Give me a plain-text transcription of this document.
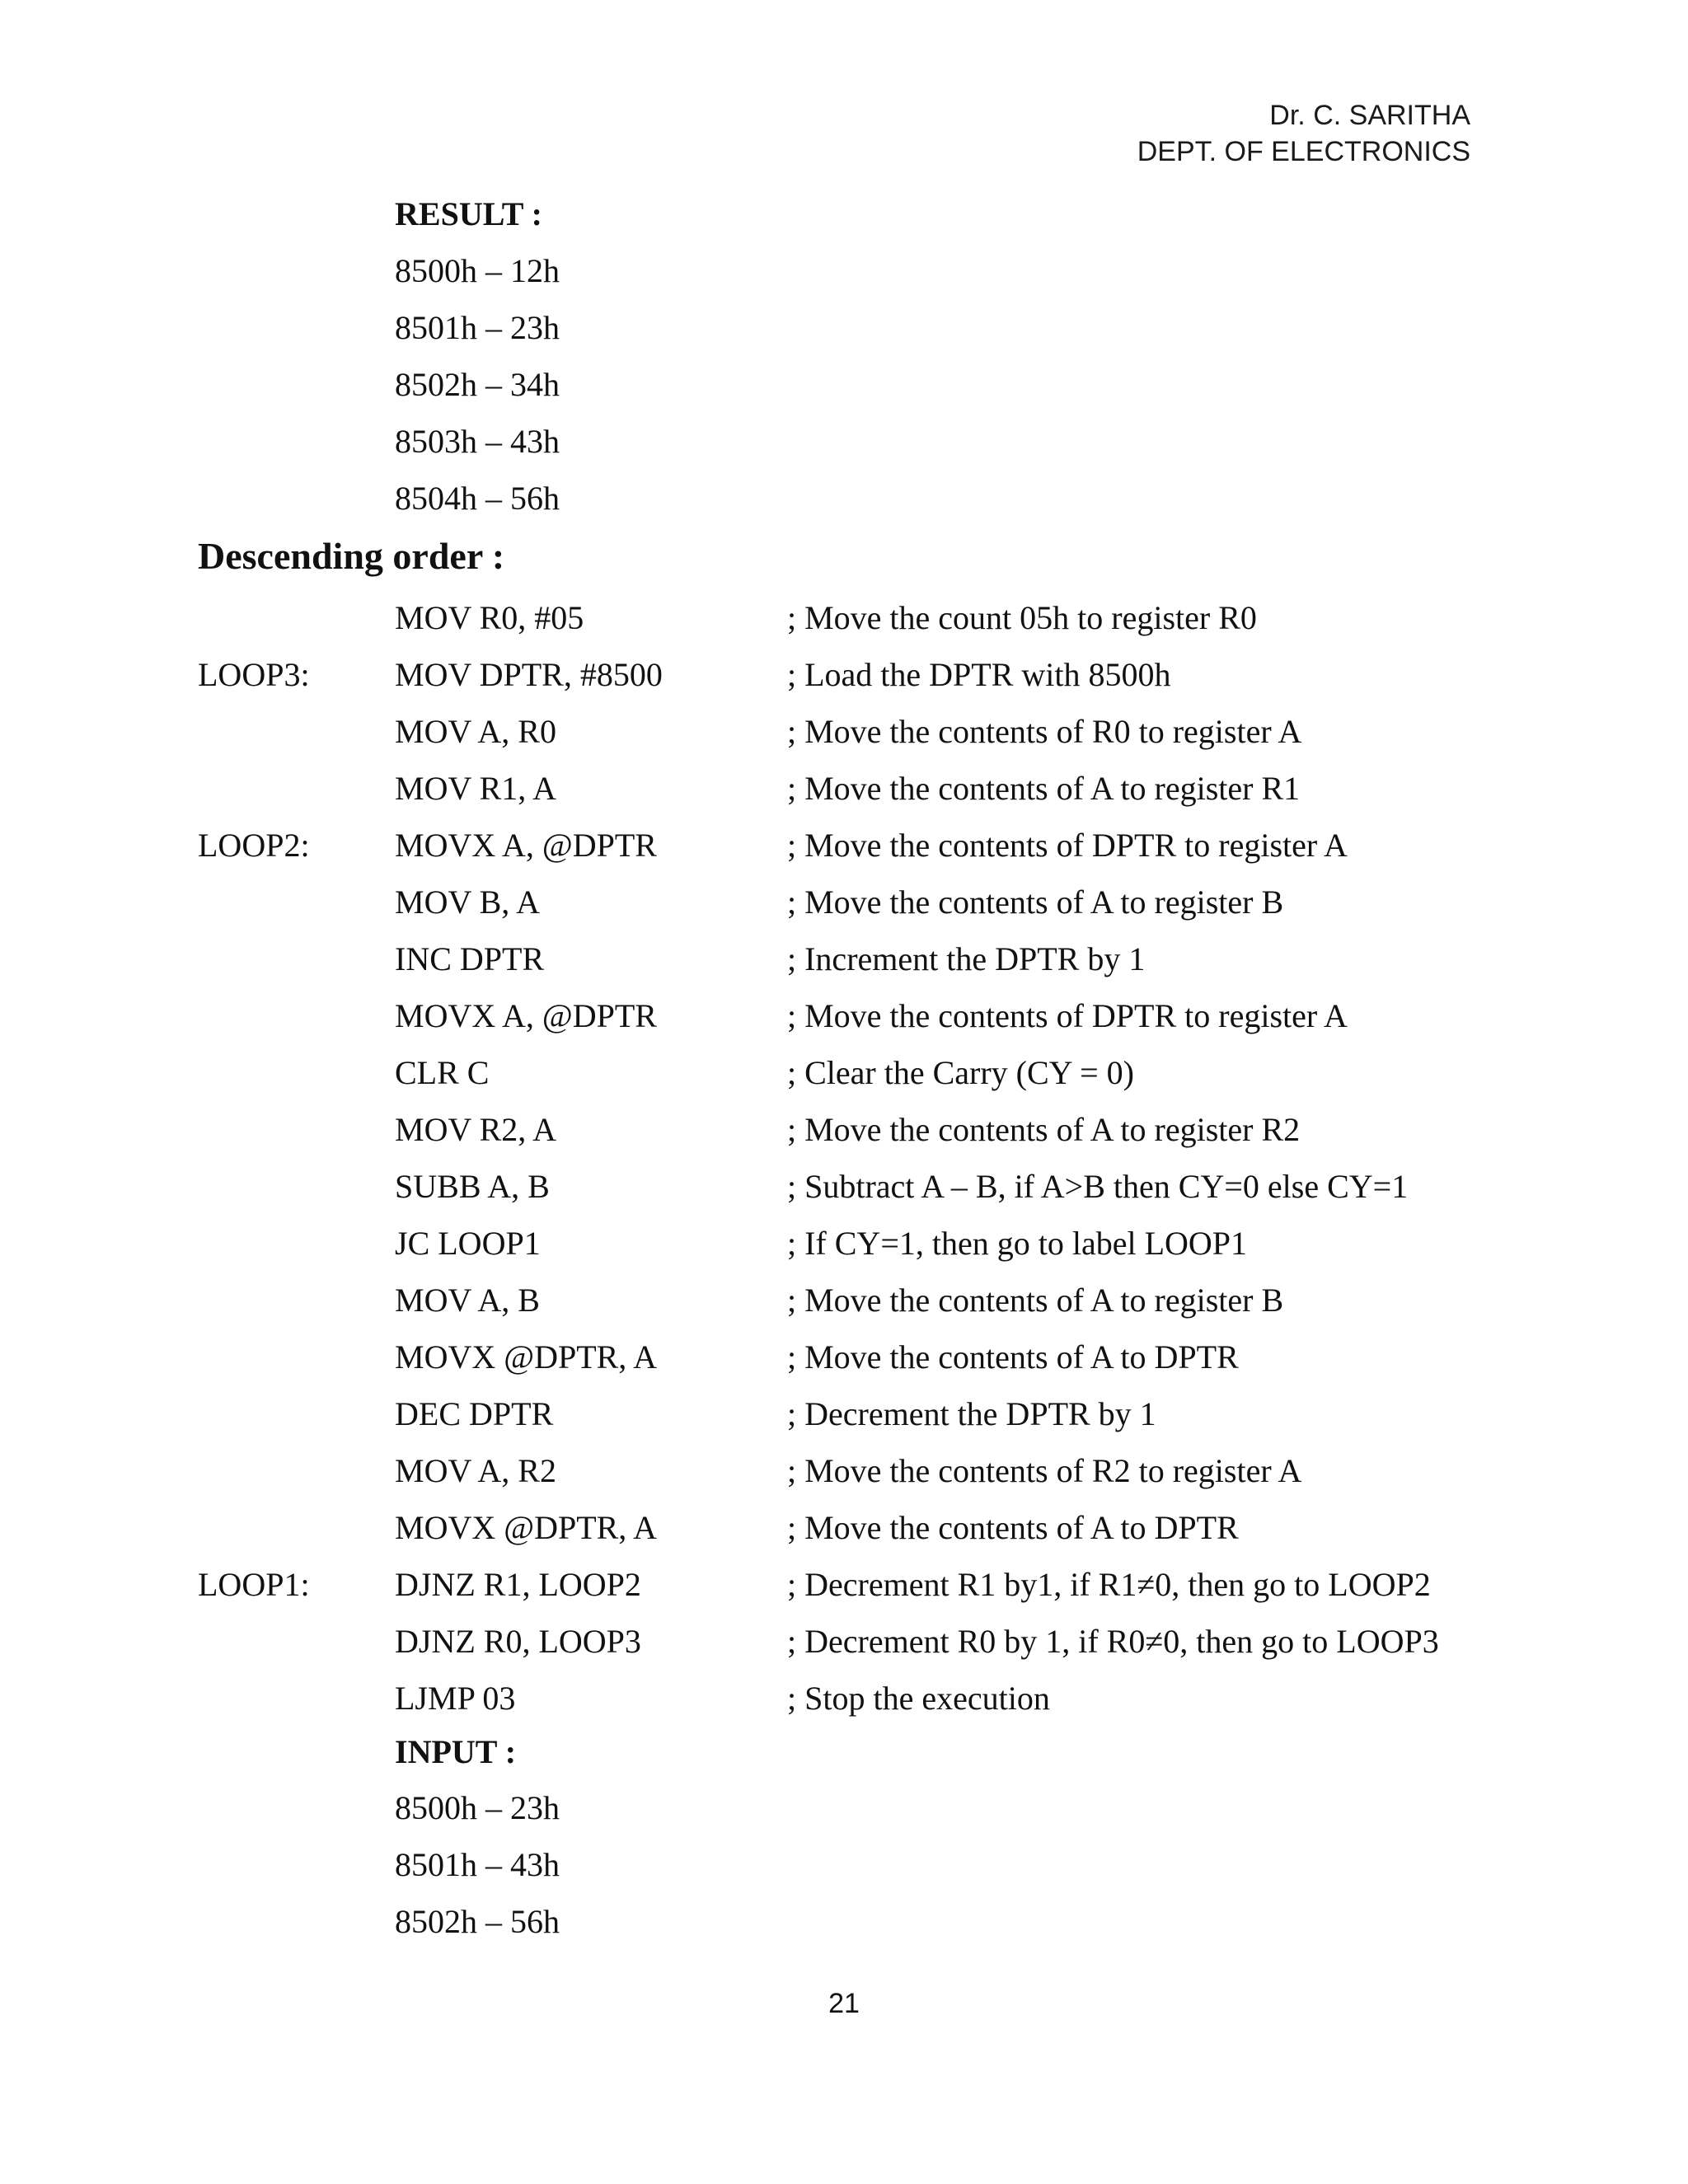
Dr. C. SARITHA
DEPT. OF ELECTRONICS
RESULT :
8500h – 12h
8501h – 23h
8502h – 34h
8503h – 43h
8504h – 56h
Descending order :
MOV R0, #05	; Move the count 05h to register R0
LOOP3:	MOV DPTR, #8500	; Load the DPTR with 8500h
MOV A, R0	; Move the contents of R0 to register A
MOV R1, A	; Move the contents of A to register R1
LOOP2:	MOVX A, @DPTR	; Move the contents of DPTR to register A
MOV B, A	; Move the contents of A to register B
INC DPTR	; Increment the DPTR by 1
MOVX A, @DPTR	; Move the contents of DPTR to register A
CLR C	; Clear the Carry (CY = 0)
MOV R2, A	; Move the contents of A to register R2
SUBB A, B	; Subtract A – B, if A>B then CY=0 else CY=1
JC LOOP1	; If CY=1, then go to label LOOP1
MOV A, B	; Move the contents of A to register B
MOVX @DPTR, A	; Move the contents of A to DPTR
DEC DPTR	; Decrement the DPTR by 1
MOV A, R2	; Move the contents of R2 to register A
MOVX @DPTR, A	; Move the contents of A to DPTR
LOOP1:	DJNZ R1, LOOP2	; Decrement R1 by1, if R1≠0, then go to LOOP2
DJNZ R0, LOOP3	; Decrement R0 by 1, if R0≠0, then go to LOOP3
LJMP 03	; Stop the execution
INPUT :
8500h – 23h
8501h – 43h
8502h – 56h
21
